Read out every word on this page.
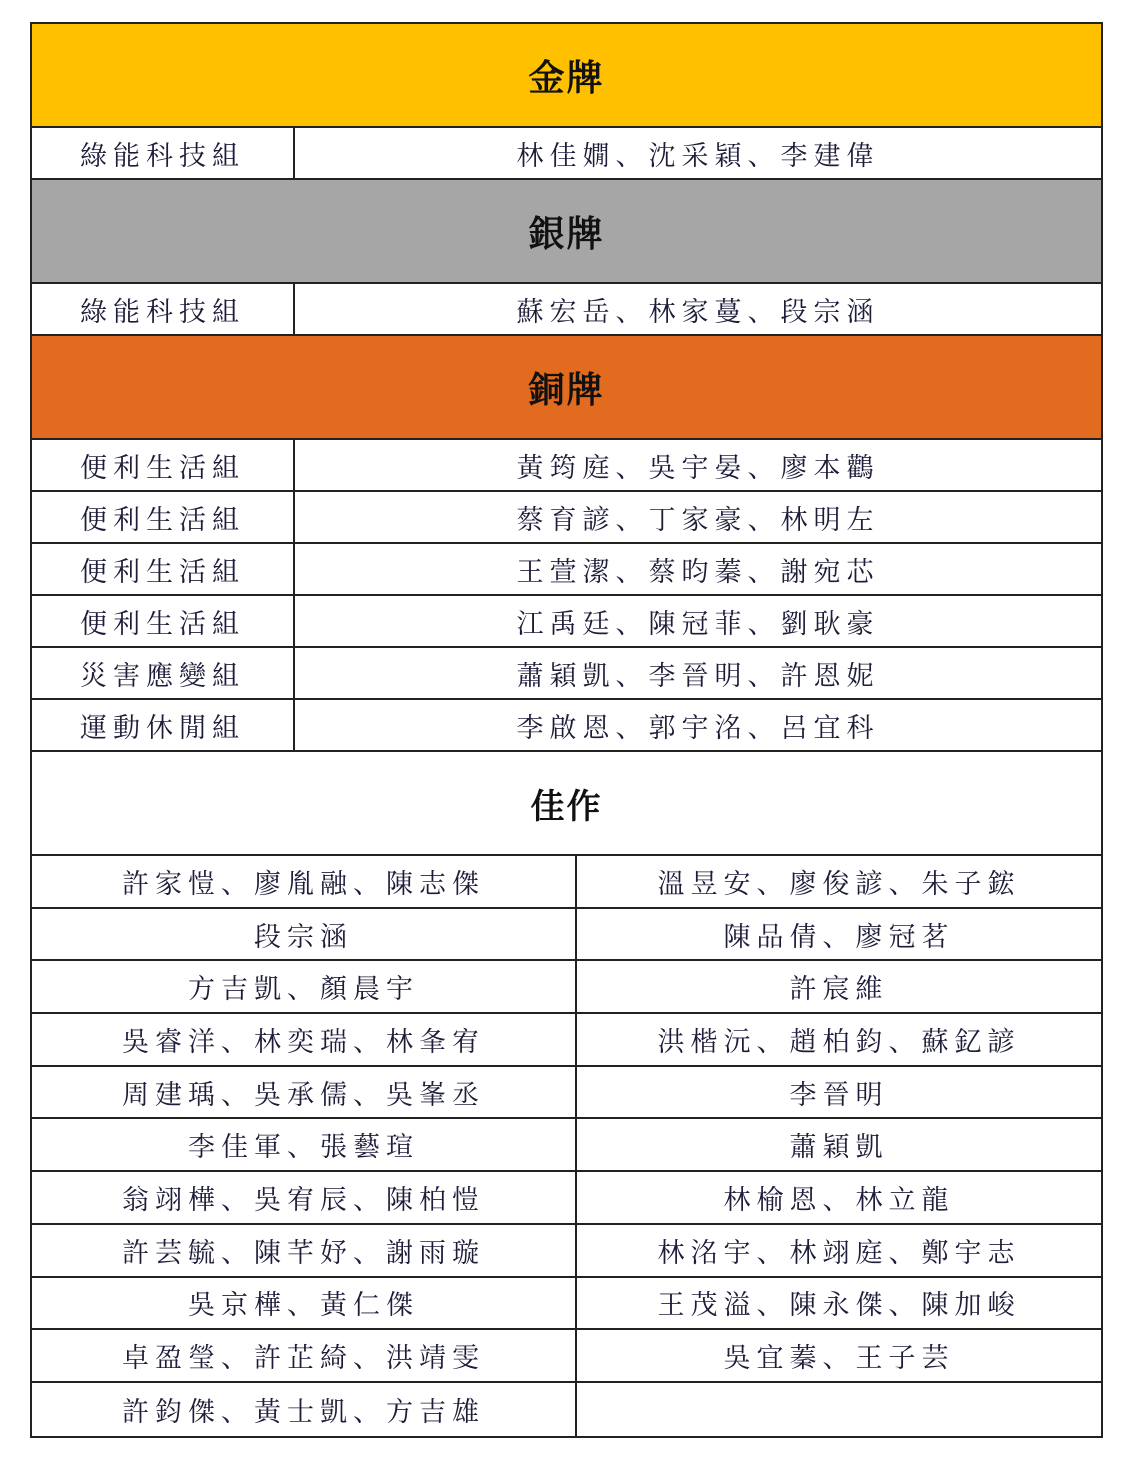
金牌
綠能科技組	林佳嫺、沈采穎、李建偉
銀牌
綠能科技組	蘇宏岳、林家蔓、段宗涵
銅牌
便利生活組	黃筠庭、吳宇晏、廖本鸛
便利生活組	蔡育諺、丁家豪、林明左
便利生活組	王萱潔、蔡昀蓁、謝宛芯
便利生活組	江禹廷、陳冠菲、劉耿豪
災害應變組	蕭穎凱、李晉明、許恩妮
運動休閒組	李啟恩、郭宇洺、呂宜科
佳作
許家愷、廖胤融、陳志傑	溫昱安、廖俊諺、朱子鋐
段宗涵	陳品倩、廖冠茗
方吉凱、顏晨宇	許宸維
吳睿洋、林奕瑞、林夆宥	洪楷沅、趙柏鈞、蘇釔諺
周建瑀、吳承儒、吳峯丞	李晉明
李佳軍、張藝瑄	蕭穎凱
翁翊樺、吳宥辰、陳柏愷	林榆恩、林立龍
許芸毓、陳芊妤、謝雨璇	林洺宇、林翊庭、鄭宇志
吳京樺、黃仁傑	王茂溢、陳永傑、陳加峻
卓盈瑩、許芷綺、洪靖雯	吳宜蓁、王子芸
許鈞傑、黃士凱、方吉雄
